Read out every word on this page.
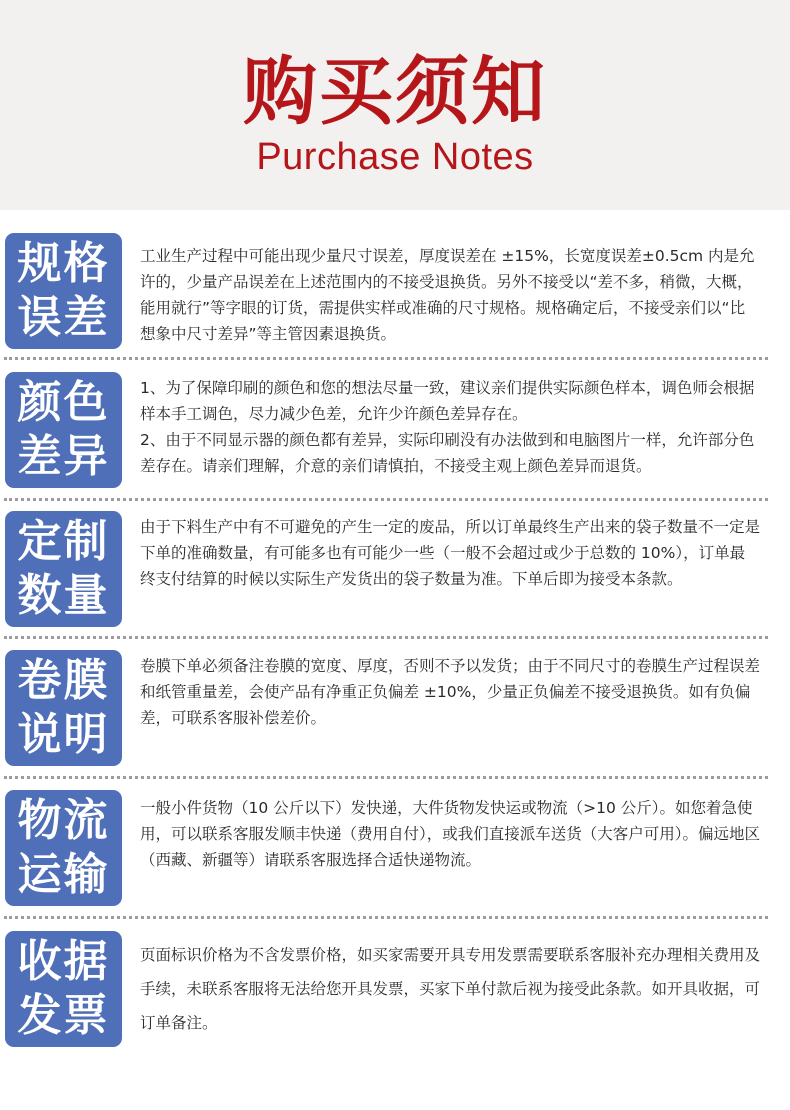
购买须知
Purchase Notes
规格
误差

工业生产过程中可能出现少量尺寸误差，厚度误差在 ±15%，长宽度误差±0.5cm 内是允许的，少量产品误差在上述范围内的不接受退换货。另外不接受以“差不多，稍微，大概，能用就行”等字眼的订货，需提供实样或准确的尺寸规格。规格确定后，不接受亲们以“比想象中尺寸差异”等主管因素退换货。

颜色
差异

1、为了保障印刷的颜色和您的想法尽量一致，建议亲们提供实际颜色样本，调色师会根据样本手工调色，尽力减少色差，允许少许颜色差异存在。

2、由于不同显示器的颜色都有差异，实际印刷没有办法做到和电脑图片一样，允许部分色差存在。请亲们理解，介意的亲们请慎拍，不接受主观上颜色差异而退货。

定制
数量

由于下料生产中有不可避免的产生一定的废品，所以订单最终生产出来的袋子数量不一定是下单的准确数量，有可能多也有可能少一些（一般不会超过或少于总数的 10%），订单最终支付结算的时候以实际生产发货出的袋子数量为准。下单后即为接受本条款。

卷膜
说明

卷膜下单必须备注卷膜的宽度、厚度，否则不予以发货；由于不同尺寸的卷膜生产过程误差和纸管重量差，会使产品有净重正负偏差 ±10%，少量正负偏差不接受退换货。如有负偏差，可联系客服补偿差价。

物流
运输

一般小件货物（10 公斤以下）发快递，大件货物发快运或物流（>10 公斤）。如您着急使用，可以联系客服发顺丰快递（费用自付），或我们直接派车送货（大客户可用）。偏远地区（西藏、新疆等）请联系客服选择合适快递物流。

收据
发票

页面标识价格为不含发票价格，如买家需要开具专用发票需要联系客服补充办理相关费用及手续，未联系客服将无法给您开具发票，买家下单付款后视为接受此条款。如开具收据，可订单备注。
